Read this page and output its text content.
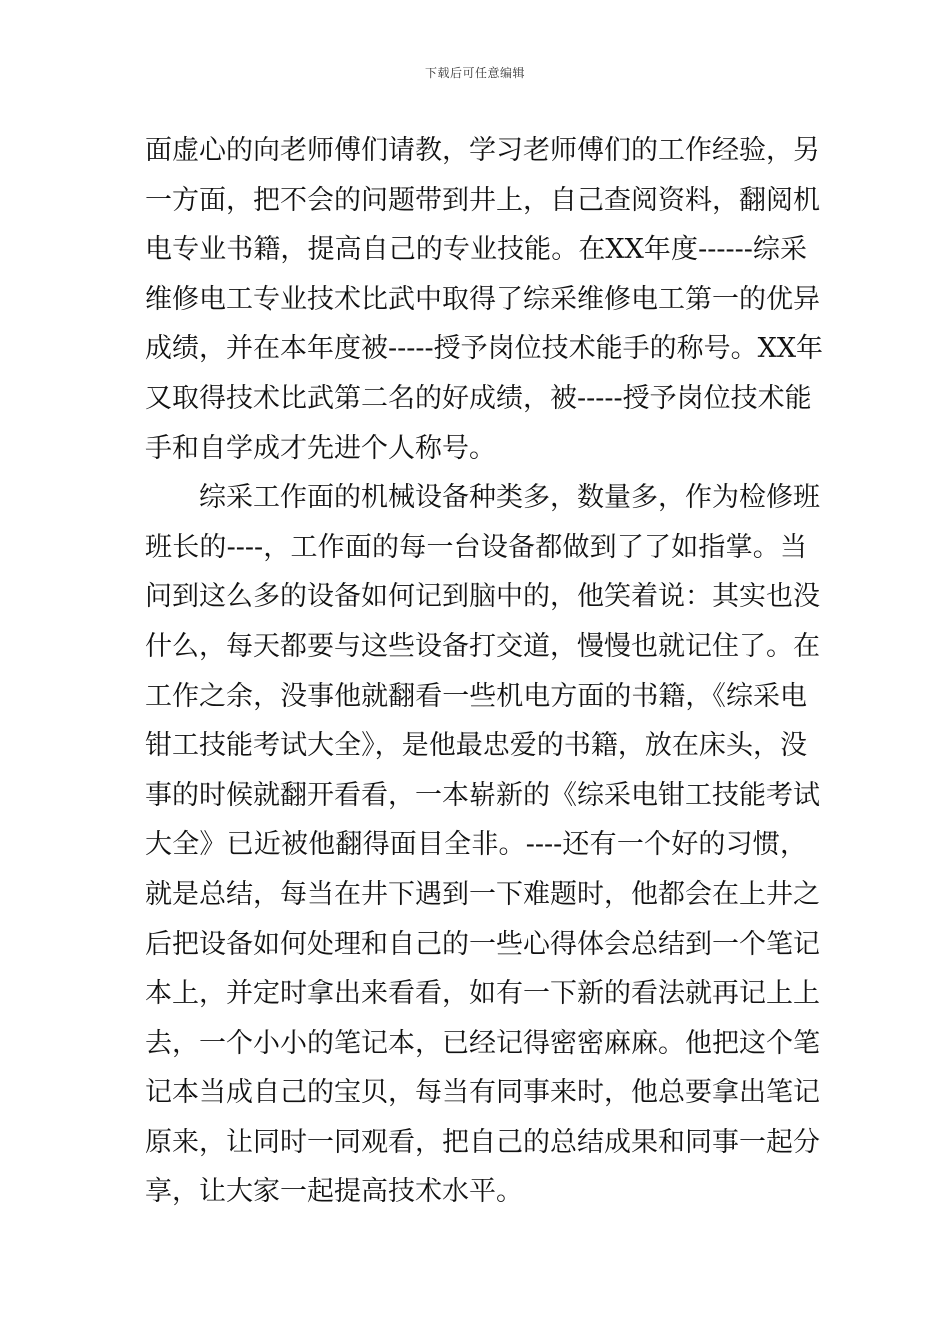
下载后可任意编辑
面虚心的向老师傅们请教，学习老师傅们的工作经验，另
一方面，把不会的问题带到井上，自己查阅资料，翻阅机
电专业书籍，提高自己的专业技能。在XX年度------综采
维修电工专业技术比武中取得了综采维修电工第一的优异
成绩，并在本年度被-----授予岗位技术能手的称号。XX年
又取得技术比武第二名的好成绩，被-----授予岗位技术能
手和自学成才先进个人称号。
　　综采工作面的机械设备种类多，数量多，作为检修班
班长的----，工作面的每一台设备都做到了了如指掌。当
问到这么多的设备如何记到脑中的，他笑着说：其实也没
什么，每天都要与这些设备打交道，慢慢也就记住了。在
工作之余，没事他就翻看一些机电方面的书籍，《综采电
钳工技能考试大全》，是他最忠爱的书籍，放在床头，没
事的时候就翻开看看，一本崭新的《综采电钳工技能考试
大全》已近被他翻得面目全非。----还有一个好的习惯，
就是总结，每当在井下遇到一下难题时，他都会在上井之
后把设备如何处理和自己的一些心得体会总结到一个笔记
本上，并定时拿出来看看，如有一下新的看法就再记上上
去，一个小小的笔记本，已经记得密密麻麻。他把这个笔
记本当成自己的宝贝，每当有同事来时，他总要拿出笔记
原来，让同时一同观看，把自己的总结成果和同事一起分
享，让大家一起提高技术水平。
